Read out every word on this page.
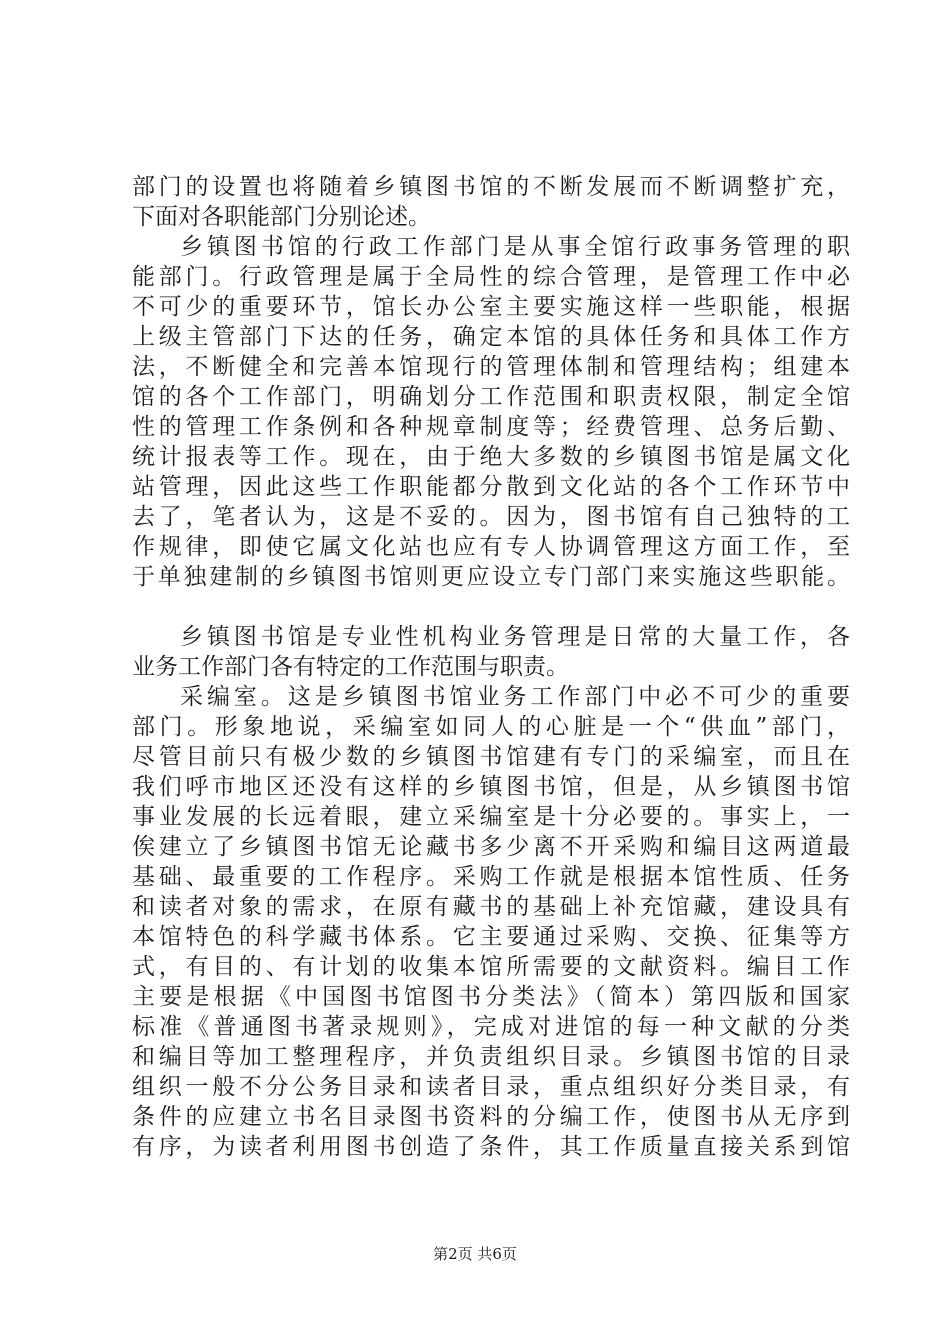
部门的设置也将随着乡镇图书馆的不断发展而不断调整扩充，
下面对各职能部门分别论述。
乡镇图书馆的行政工作部门是从事全馆行政事务管理的职
能部门。行政管理是属于全局性的综合管理，是管理工作中必
不可少的重要环节，馆长办公室主要实施这样一些职能，根据
上级主管部门下达的任务，确定本馆的具体任务和具体工作方
法，不断健全和完善本馆现行的管理体制和管理结构；组建本
馆的各个工作部门，明确划分工作范围和职责权限，制定全馆
性的管理工作条例和各种规章制度等；经费管理、总务后勤、
统计报表等工作。现在，由于绝大多数的乡镇图书馆是属文化
站管理，因此这些工作职能都分散到文化站的各个工作环节中
去了，笔者认为，这是不妥的。因为，图书馆有自己独特的工
作规律，即使它属文化站也应有专人协调管理这方面工作，至
于单独建制的乡镇图书馆则更应设立专门部门来实施这些职能。
乡镇图书馆是专业性机构业务管理是日常的大量工作，各
业务工作部门各有特定的工作范围与职责。
采编室。这是乡镇图书馆业务工作部门中必不可少的重要
部门。形象地说，采编室如同人的心脏是一个“供血”部门，
尽管目前只有极少数的乡镇图书馆建有专门的采编室，而且在
我们呼市地区还没有这样的乡镇图书馆，但是，从乡镇图书馆
事业发展的长远着眼，建立采编室是十分必要的。事实上，一
俟建立了乡镇图书馆无论藏书多少离不开采购和编目这两道最
基础、最重要的工作程序。采购工作就是根据本馆性质、任务
和读者对象的需求，在原有藏书的基础上补充馆藏，建设具有
本馆特色的科学藏书体系。它主要通过采购、交换、征集等方
式，有目的、有计划的收集本馆所需要的文献资料。编目工作
主要是根据《中国图书馆图书分类法》（简本）第四版和国家
标准《普通图书著录规则》，完成对进馆的每一种文献的分类
和编目等加工整理程序，并负责组织目录。乡镇图书馆的目录
组织一般不分公务目录和读者目录，重点组织好分类目录，有
条件的应建立书名目录图书资料的分编工作，使图书从无序到
有序，为读者利用图书创造了条件，其工作质量直接关系到馆
第2页 共6页
